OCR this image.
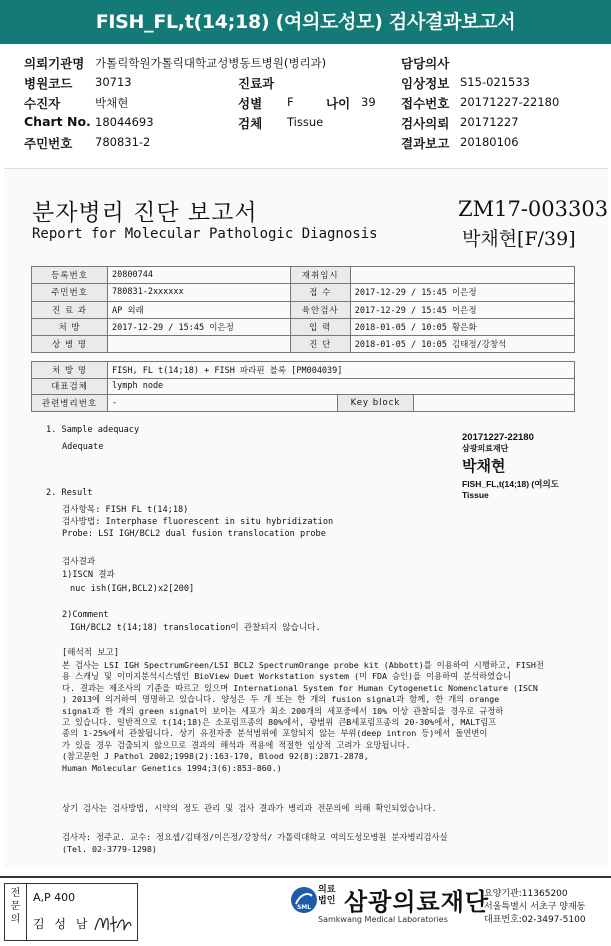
FISH_FL,t(14;18) (여의도성모) 검사결과보고서
의뢰기관명 가톨릭학원가톨릭대학교성병동트병원(병리과)	담당의사
병원코드 30713	진료과	임상정보 S15-021533
수진자	박채현	성별 F	나이 39 접수번호 20171227-22180
Chart No. 18044693	검체 Tissue	검사의뢰 20171227
주민번호 780831-2	결과보고 20180106
분자병리 진단 보고서
Report for Molecular Pathologic Diagnosis
ZM17-003303
박채현[F/39]
등록번호	20800744	재취임시	
주민번호	780831-2xxxxxx	접 수	2017-12-29 / 15:45 이은정
진 료 과	AP 외래	육안검사	2017-12-29 / 15:45 이은정
처 방	2017-12-29 / 15:45 이은정	입 력	2018-01-05 / 10:05 황은화
상 병 명		진 단	2018-01-05 / 10:05 김태정/강창석
처 방 명	FISH, FL t(14;18) + FISH 파라핀 블록 [PM004039]		
대표검체	lymph node		
관련병리번호	-	Key block	
1. Sample adequacy
Adequate
20171227-22180
삼광의료재단
박채현
FISH_FL,t(14;18) (여의도
Tissue
2. Result
검사항목: FISH FL t(14;18)
검사방법: Interphase fluorescent in situ hybridization
Probe: LSI IGH/BCL2 dual fusion translocation probe
검사결과
1)ISCN 결과
nuc ish(IGH,BCL2)x2[200]
2)Comment
IGH/BCL2 t(14;18) translocation이 관찰되지 않습니다.
[해석적 보고]
본 검사는 LSI IGH SpectrumGreen/LSI BCL2 SpectrumOrange probe kit (Abbott)를 이용하여 시행하고, FISH전
용 스캐닝 및 이미지분석시스템인 BioView Duet Workstation system (미 FDA 승인)을 이용하여 분석하였습니
다. 결과는 제조사의 기준을 따르고 있으며 International System for Human Cytogenetic Nomenclature (ISCN
) 2013에 의거하여 명명하고 있습니다. 양성은 두 개 또는 한 개의 fusion signal과 함께, 한 개의 orange
signal과 한 개의 green signal이 보이는 세포가 최소 200개의 세포중에서 10% 이상 관찰되을 경우로 규정하
고 있습니다. 일반적으로 t(14;18)은 소포림프종의 80%에서, 광범위 큰B세포림프종의 20-30%에서, MALT림프
종의 1-25%에서 관찰됩니다. 상기 유전자중 분석범위에 포함되지 않는 부위(deep intron 등)에서 돌연변이
가 있을 경우 검출되지 않으므로 결과의 해석과 적용에 적절한 임상적 고려가 요망됩니다.
(참고문헌 J Pathol 2002;1998(2):163-170, Blood 92(8):2871-2878,
Human Molecular Genetics 1994;3(6):853-860.)
상기 검사는 검사방법, 시약의 정도 관리 및 검사 결과가 병리과 전문의에 의해 확인되었습니다.
검사자: 정주교. 교수: 정요셉/김태정/이은정/강창석/ 가톨릭대학교 여의도성모병원 분자병리검사실
(Tel. 02-3779-1298)
전문의
A,P 400
김 성 남
SML
의료
법인 삼광의료재단
Samkwang Medical Laboratories
요양기관:11365200
서울특별시 서초구 양재동
대표번호:02-3497-5100
